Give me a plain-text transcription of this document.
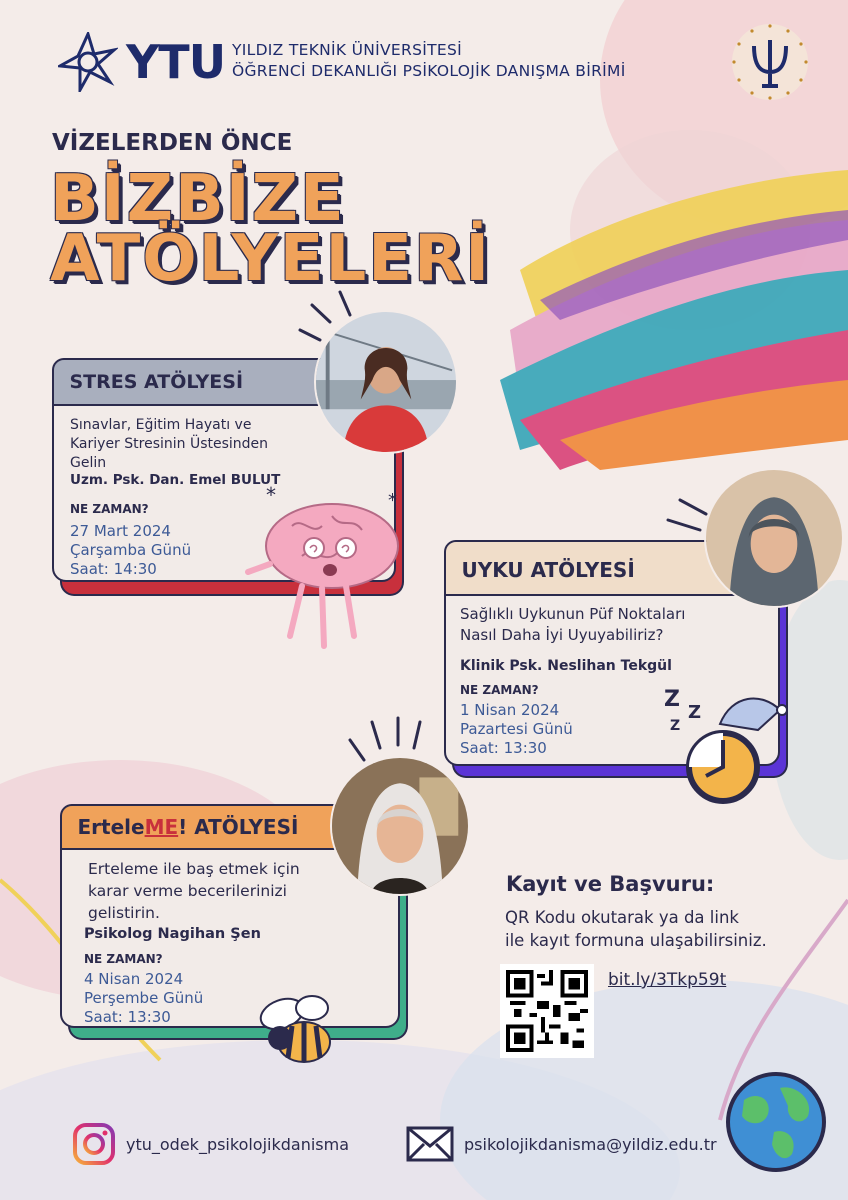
YTU YILDIZ TEKNİK ÜNİVERSİTESİ
ÖĞRENCİ DEKANLIĞI PSİKOLOJİK DANIŞMA BİRİMİ
VİZELERDEN ÖNCE
BİZBİZE
ATÖLYELERİ
STRES ATÖLYESİ
Sınavlar, Eğitim Hayatı ve
Kariyer Stresinin Üstesinden
Gelin
Uzm. Psk. Dan. Emel BULUT
NE ZAMAN?
27 Mart 2024
Çarşamba Günü
Saat: 14:30
*	*
UYKU ATÖLYESİ
Sağlıklı Uykunun Püf Noktaları
Nasıl Daha İyi Uyuyabiliriz?
Klinik Psk. Neslihan Tekgül
NE ZAMAN?
1 Nisan 2024
Pazartesi Günü
Saat: 13:30
Z
Z
Z
Ertele ME ! ATÖLYESİ
Erteleme ile baş etmek için
karar verme becerilerinizi
gelistirin.
Psikolog Nagihan Şen
NE ZAMAN?
4 Nisan 2024
Perşembe Günü
Saat: 13:30
Kayıt ve Başvuru:
QR Kodu okutarak ya da link
ile kayıt formuna ulaşabilirsiniz.
bit.ly/3Tkp59t
ytu_odek_psikolojikdanisma	psikolojikdanisma@yildiz.edu.tr
